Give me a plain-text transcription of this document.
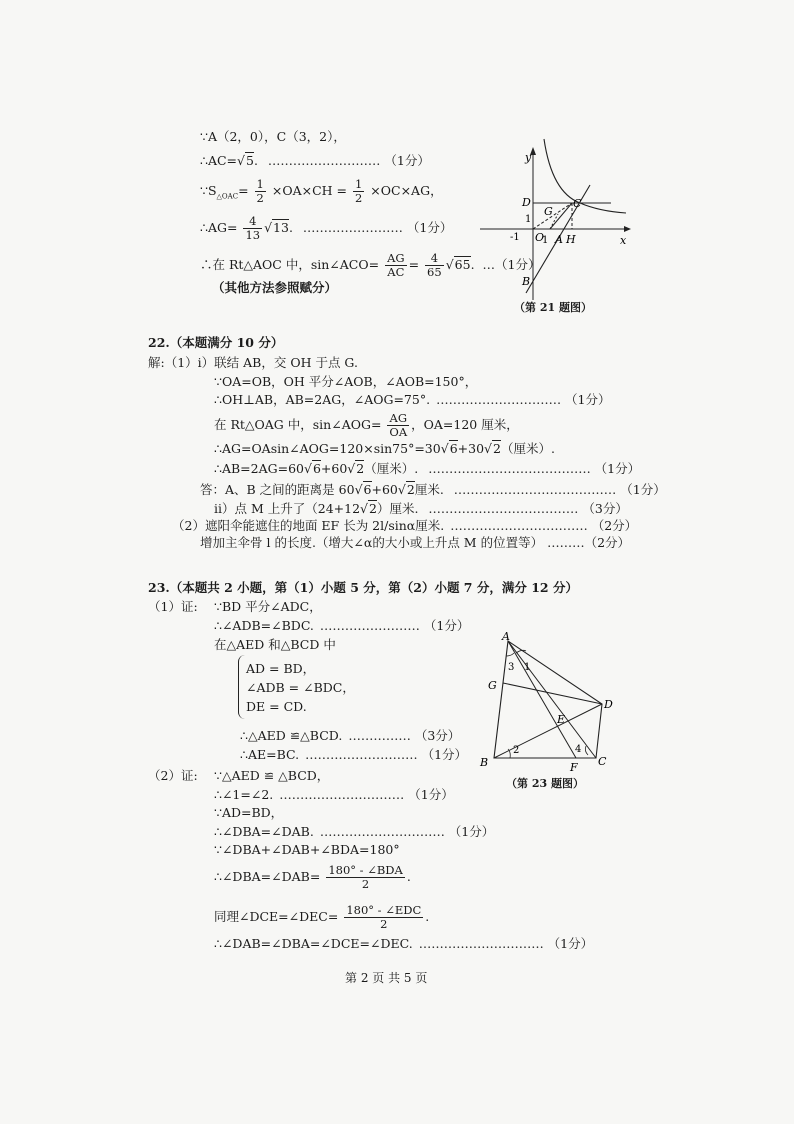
∵A（2，0），C（3，2），
∴AC=√5. ……………………… （1分）
$\because S_{\triangle OAC}= \frac{1}{2} \times OA\times CH = \frac{1}{2} \times OC\times AG$，
∴AG= $\frac{4}{13} √13$. …………………… （1分）
∴在 Rt△AOC 中，sin∠ACO= $\frac{AG}{AC} = \frac{4}{65} √65$. …（1分）
（其他方法参照赋分）
y
x
D	C
G
1
-1 O
1 A H
B
（第 21 题图）
22.（本题满分 10 分）
解:（1）ⅰ）联结 AB，交 OH 于点 G.
∵OA=OB，OH 平分∠AOB，∠AOB=150°，
∴OH⊥AB，AB=2AG，∠AOG=75°. ………………………… （1分）
在 Rt△OAG 中，sin∠AOG= $\frac{AG}{OA}$ ，OA=120 厘米，
∴AG=OAsin∠AOG=120×sin75°=30√6+30√2（厘米）.
∴AB=2AG=60√6+60√2（厘米）. ………………………………… （1分）
答：A、B 之间的距离是 60√6+60√2厘米. ………………………………… （1分）
ⅱ）点 M 上升了（24+12√2）厘米. ……………………………… （3分）
（2）遮阳伞能遮住的地面 EF 长为 2l/sinα厘米. …………………………… （2分）
增加主伞骨 l 的长度.（增大∠α的大小或上升点 M 的位置等） ………（2分）
23.（本题共 2 小题，第（1）小题 5 分，第（2）小题 7 分，满分 12 分）
（1）证: ∵BD 平分∠ADC，
∴∠ADB=∠BDC. …………………… （1分）
在△AED 和△BCD 中
AD = BD，
∠ADB = ∠BDC，
DE = CD.
∴△AED ≌△BCD. …………… （3分）
∴AE=BC. ……………………… （1分）
（2）证: ∵△AED ≌ △BCD，
∴∠1=∠2. ………………………… （1分）
∵AD=BD，
∴∠DBA=∠DAB. ………………………… （1分）
∵∠DBA+∠DAB+∠BDA=180°
∴∠DBA=∠DAB= $\frac{\text{180° - ∠BDA}}{2}$ .
同理∠DCE=∠DEC= $\frac{\text{180° - ∠EDC}}{2}$ .
∴∠DAB=∠DBA=∠DCE=∠DEC. ………………………… （1分）
A
G
D
E
B	F C
1
3
2	4
（第 23 题图）
第 2 页 共 5 页
